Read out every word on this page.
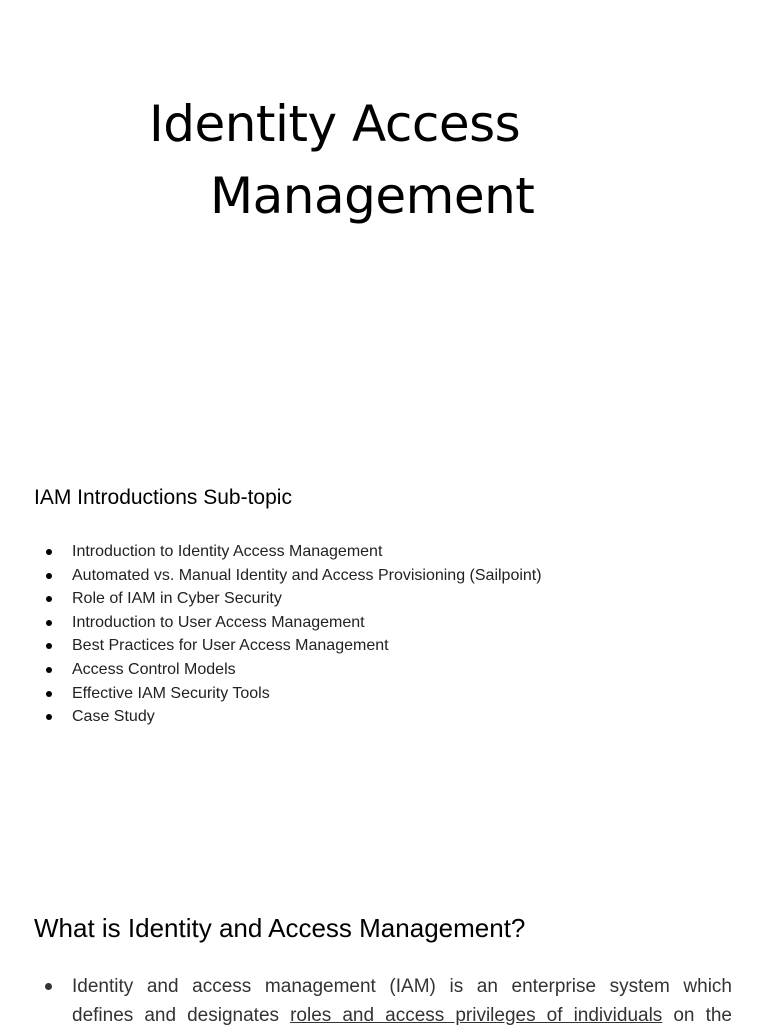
Identity Access
Management
IAM Introductions Sub-topic
Introduction to Identity Access Management
Automated vs. Manual Identity and Access Provisioning (Sailpoint)
Role of IAM in Cyber Security
Introduction to User Access Management
Best Practices for User Access Management
Access Control Models
Effective IAM Security Tools
Case Study
What is Identity and Access Management?

Identity and access management (IAM) is an enterprise system which
defines and designates roles and access privileges of individuals on the
